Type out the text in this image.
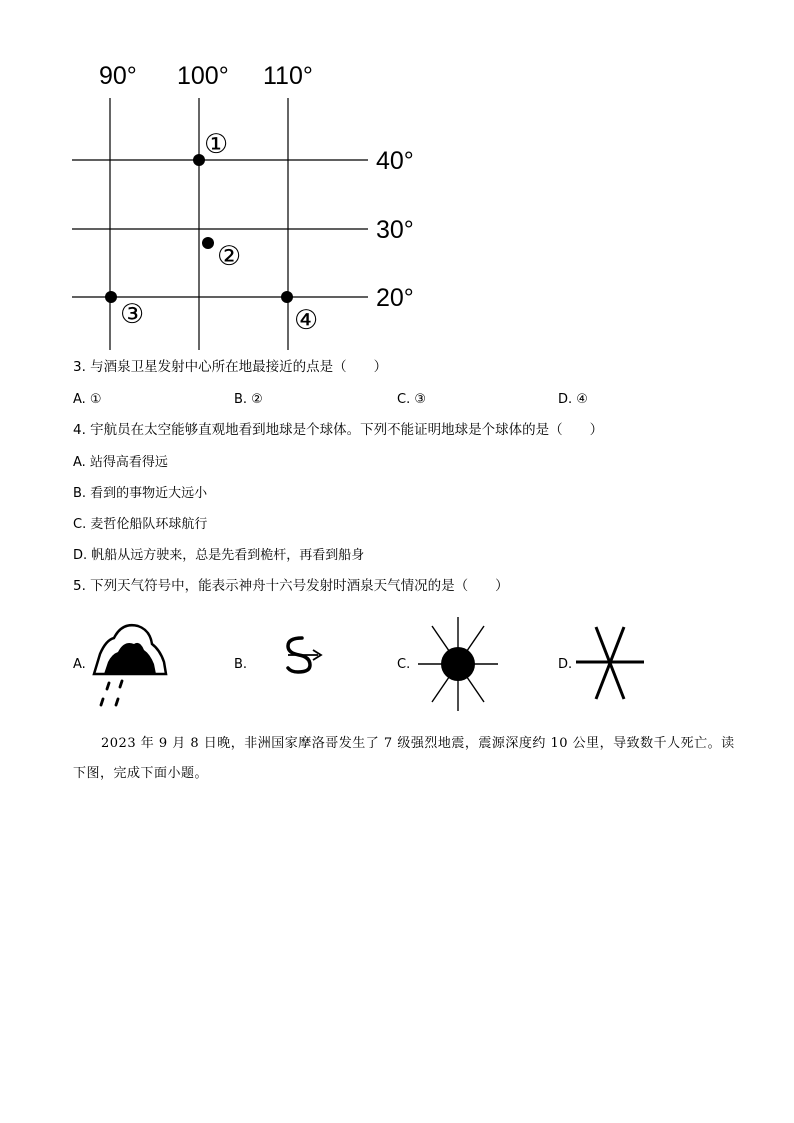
90° 100° 110°
40°
30°
20°
①
②
③	④
3. 与酒泉卫星发射中心所在地最接近的点是（　　）
A. ①	B. ②	C. ③	D. ④
4. 宇航员在太空能够直观地看到地球是个球体。下列不能证明地球是个球体的是（　　）
A. 站得高看得远
B. 看到的事物近大远小
C. 麦哲伦船队环球航行
D. 帆船从远方驶来，总是先看到桅杆，再看到船身
5. 下列天气符号中，能表示神舟十六号发射时酒泉天气情况的是（　　）
A.	B.	C.	D.
2023 年 9 月 8 日晚，非洲国家摩洛哥发生了 7 级强烈地震，震源深度约 10 公里，导致数千人死亡。读
下图，完成下面小题。
